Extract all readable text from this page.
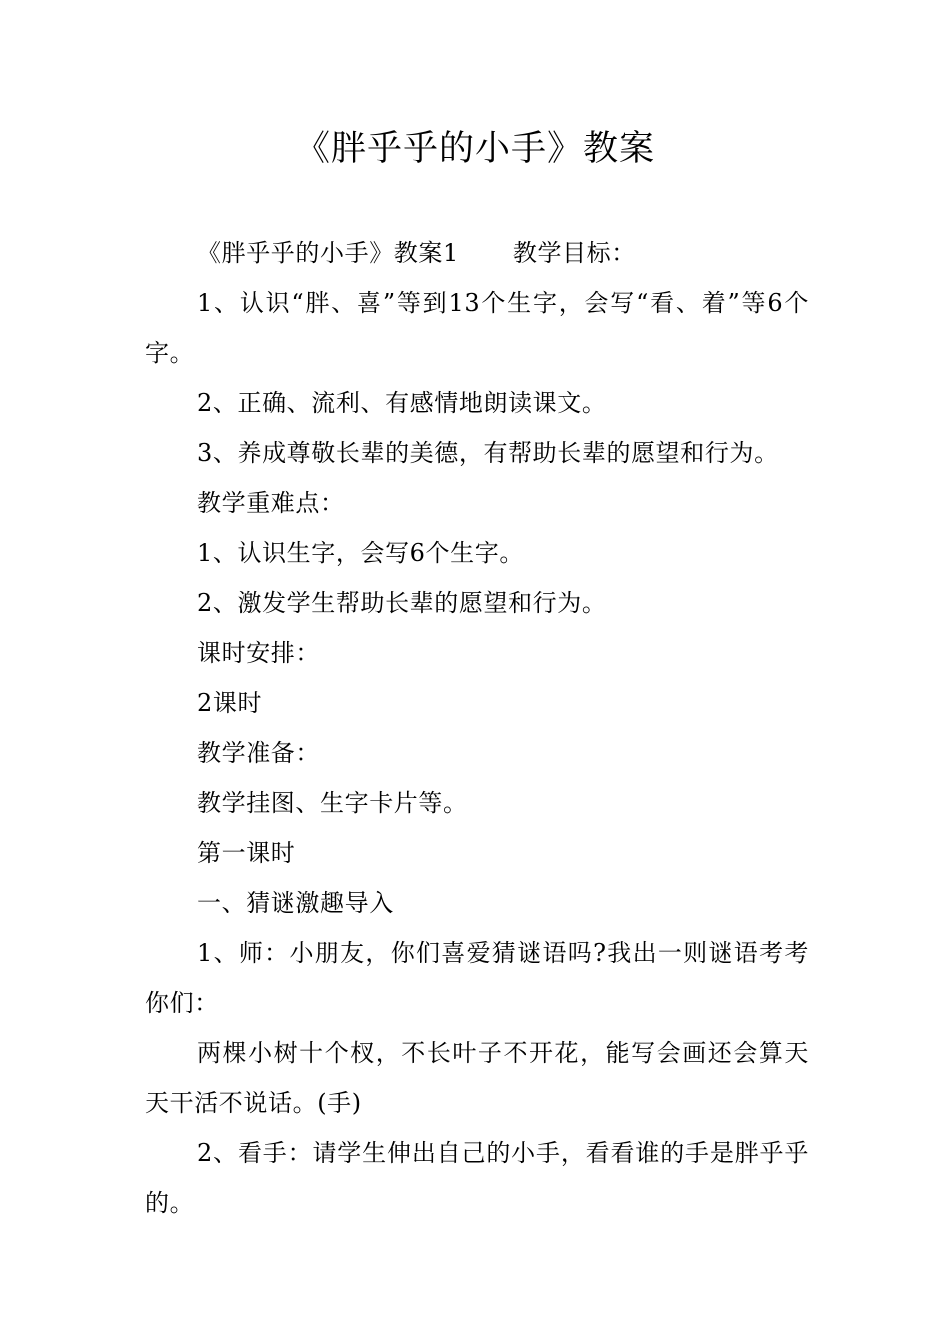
《胖乎乎的小手》教案

《胖乎乎的小手》教案1 教学目标：

1、认识“胖、喜”等到13个生字，会写“看、着”等6个字。

2、正确、流利、有感情地朗读课文。

3、养成尊敬长辈的美德，有帮助长辈的愿望和行为。

教学重难点：

1、认识生字，会写6个生字。

2、激发学生帮助长辈的愿望和行为。

课时安排：

2课时

教学准备：

教学挂图、生字卡片等。

第一课时

一、猜谜激趣导入

1、师：小朋友，你们喜爱猜谜语吗?我出一则谜语考考你们：

两棵小树十个杈，不长叶子不开花，能写会画还会算天天干活不说话。(手)

2、看手：请学生伸出自己的小手，看看谁的手是胖乎乎的。
